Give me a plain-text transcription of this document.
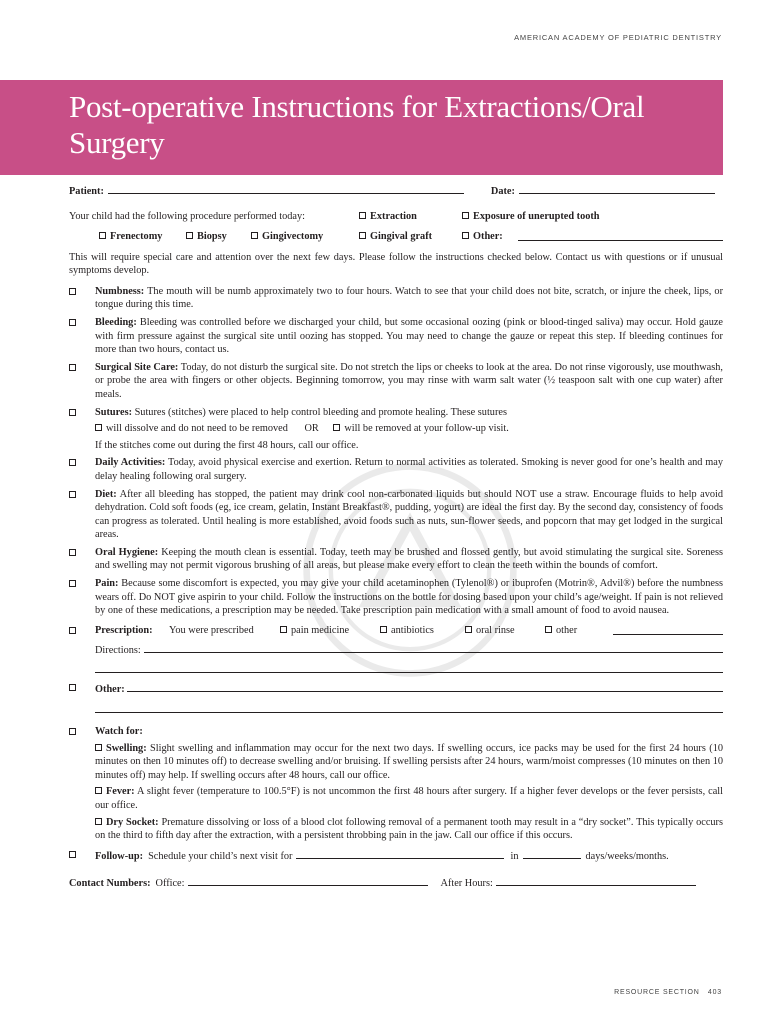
AMERICAN ACADEMY OF PEDIATRIC DENTISTRY
Post-operative Instructions for Extractions/Oral Surgery
Patient:	Date:
Your child had the following procedure performed today:	Extraction	Exposure of unerupted tooth
Frenectomy	Biopsy	Gingivectomy	Gingival graft	Other:

This will require special care and attention over the next few days. Please follow the instructions checked below. Contact us with questions or if unusual symptoms develop.

Numbness: The mouth will be numb approximately two to four hours. Watch to see that your child does not bite, scratch, or injure the cheek, lips, or tongue during this time.
Bleeding: Bleeding was controlled before we discharged your child, but some occasional oozing (pink or blood-tinged saliva) may occur. Hold gauze with firm pressure against the surgical site until oozing has stopped. You may need to change the gauze or repeat this step. If bleeding continues for more than two hours, contact us.
Surgical Site Care: Today, do not disturb the surgical site. Do not stretch the lips or cheeks to look at the area. Do not rinse vigorously, use mouthwash, or probe the area with fingers or other objects. Beginning tomorrow, you may rinse with warm salt water (½ teaspoon salt with one cup water) after meals.
Sutures: Sutures (stitches) were placed to help control bleeding and promote healing. These sutures
will dissolve and do not need to be removed OR will be removed at your follow-up visit.
If the stitches come out during the first 48 hours, call our office.
Daily Activities: Today, avoid physical exercise and exertion. Return to normal activities as tolerated. Smoking is never good for one’s health and may delay healing following oral surgery.
Diet: After all bleeding has stopped, the patient may drink cool non-carbonated liquids but should NOT use a straw. Encourage fluids to help avoid dehydration. Cold soft foods (eg, ice cream, gelatin, Instant Breakfast®, pudding, yogurt) are ideal the first day. By the second day, consistency of foods can progress as tolerated. Until healing is more established, avoid foods such as nuts, sun-flower seeds, and popcorn that may get lodged in the surgical areas.
Oral Hygiene: Keeping the mouth clean is essential. Today, teeth may be brushed and flossed gently, but avoid stimulating the surgical site. Soreness and swelling may not permit vigorous brushing of all areas, but please make every effort to clean the teeth within the bounds of comfort.
Pain: Because some discomfort is expected, you may give your child acetaminophen (Tylenol®) or ibuprofen (Motrin®, Advil®) before the numbness wears off. Do NOT give aspirin to your child. Follow the instructions on the bottle for dosing based upon your child’s age/weight. If pain is not relieved by one of these medications, a prescription may be needed. Take prescription pain medication with a small amount of food to avoid nausea.
Prescription: You were prescribed	pain medicine	antibiotics	oral rinse	other
Directions:
Other:
Watch for:
Swelling: Slight swelling and inflammation may occur for the next two days. If swelling occurs, ice packs may be used for the first 24 hours (10 minutes on then 10 minutes off) to decrease swelling and/or bruising. If swelling persists after 24 hours, warm/moist compresses (10 minutes on then 10 minutes off) may help. If swelling occurs after 48 hours, call our office.
Fever: A slight fever (temperature to 100.5°F) is not uncommon the first 48 hours after surgery. If a higher fever develops or the fever persists, call our office.
Dry Socket: Premature dissolving or loss of a blood clot following removal of a permanent tooth may result in a “dry socket”. This typically occurs on the third to fifth day after the extraction, with a persistent throbbing pain in the jaw. Call our office if this occurs.
Follow-up: Schedule your child’s next visit for	in	days/weeks/months.
Contact Numbers: Office:	After Hours:
RESOURCE SECTION 403
